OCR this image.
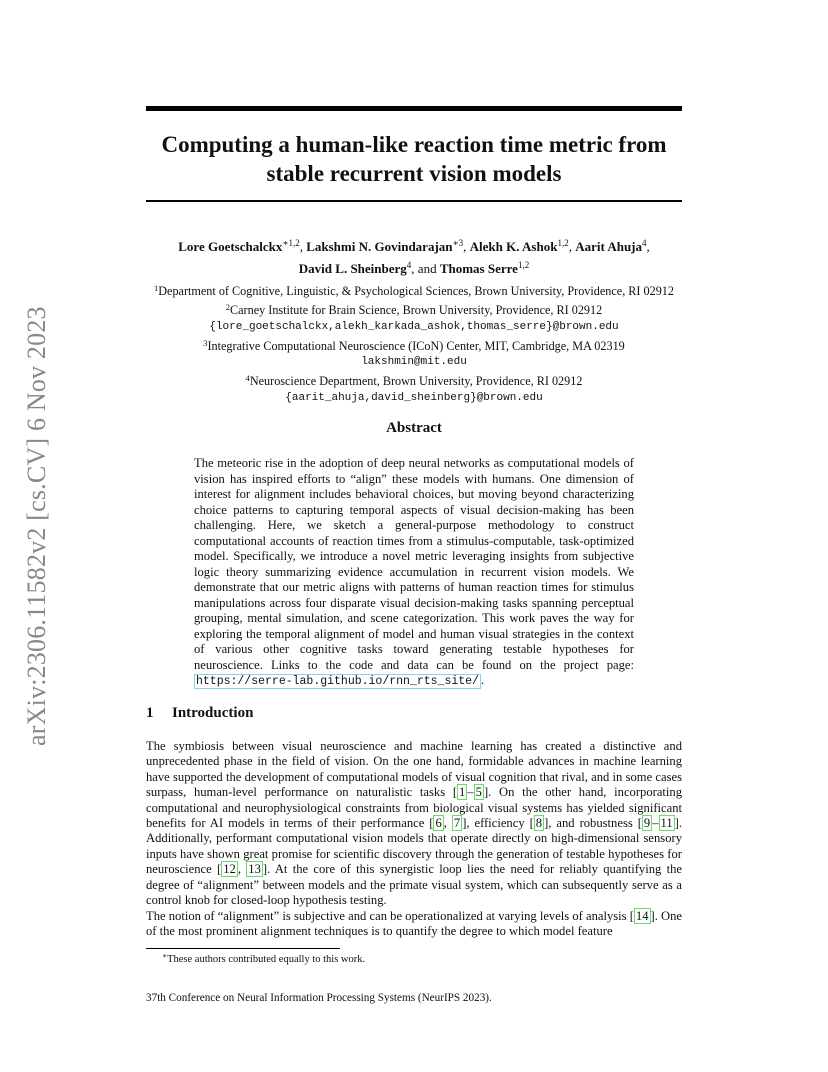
arXiv:2306.11582v2 [cs.CV] 6 Nov 2023
Computing a human-like reaction time metric from
stable recurrent vision models
Lore Goetschalckx$^{∗1,2}$, Lakshmi N. Govindarajan$^{∗3}$, Alekh K. Ashok$^{1,2}$, Aarit Ahuja$^4$,
David L. Sheinberg$^4$, and Thomas Serre$^{1,2}$
$^1$Department of Cognitive, Linguistic, & Psychological Sciences, Brown University, Providence, RI 02912
$^2$Carney Institute for Brain Science, Brown University, Providence, RI 02912
{lore_goetschalckx,alekh_karkada_ashok,thomas_serre}@brown.edu
$^3$Integrative Computational Neuroscience (ICoN) Center, MIT, Cambridge, MA 02319
lakshmin@mit.edu
$^4$Neuroscience Department, Brown University, Providence, RI 02912
{aarit_ahuja,david_sheinberg}@brown.edu
Abstract
The meteoric rise in the adoption of deep neural networks as computational models of vision has inspired efforts to “align” these models with humans. One dimension of interest for alignment includes behavioral choices, but moving beyond characterizing choice patterns to capturing temporal aspects of visual decision-making has been challenging. Here, we sketch a general-purpose methodology to construct computational accounts of reaction times from a stimulus-computable, task-optimized model. Specifically, we introduce a novel metric leveraging insights from subjective logic theory summarizing evidence accumulation in recurrent vision models. We demonstrate that our metric aligns with patterns of human reaction times for stimulus manipulations across four disparate visual decision-making tasks spanning perceptual grouping, mental simulation, and scene categorization. This work paves the way for exploring the temporal alignment of model and human visual strategies in the context of various other cognitive tasks toward generating testable hypotheses for neuroscience. Links to the code and data can be found on the project page: https://serre-lab.github.io/rnn_rts_site/ .
1 Introduction

The symbiosis between visual neuroscience and machine learning has created a distinctive and unprecedented phase in the field of vision. On the one hand, formidable advances in machine learning have supported the development of computational models of visual cognition that rival, and in some cases surpass, human-level performance on naturalistic tasks [ 1 – 5 ]. On the other hand, incorporating computational and neurophysiological constraints from biological visual systems has yielded significant benefits for AI models in terms of their performance [ 6 , 7 ], efficiency [ 8 ], and robustness [ 9 – 11 ]. Additionally, performant computational vision models that operate directly on high-dimensional sensory inputs have shown great promise for scientific discovery through the generation of testable hypotheses for neuroscience [ 12 , 13 ]. At the core of this synergistic loop lies the need for reliably quantifying the degree of “alignment” between models and the primate visual system, which can subsequently serve as a control knob for closed-loop hypothesis testing.

The notion of “alignment” is subjective and can be operationalized at varying levels of analysis [ 14 ]. One of the most prominent alignment techniques is to quantify the degree to which model feature

∗These authors contributed equally to this work.
37th Conference on Neural Information Processing Systems (NeurIPS 2023).
